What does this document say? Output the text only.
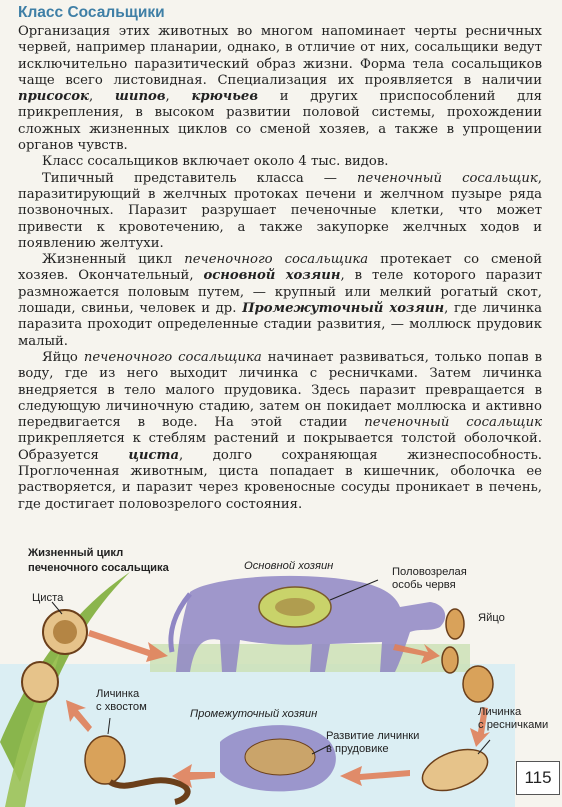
Класс Сосальщики

Организация этих животных во многом напоминает черты ресничных червей, например планарии, однако, в отличие от них, сосальщики ведут исключительно паразитический образ жизни. Форма тела сосальщиков чаще всего листовидная. Специализация их проявляется в наличии присосок, шипов, крючьев и других приспособлений для прикрепления, в высоком развитии половой системы, прохождении сложных жизненных циклов со сменой хозяев, а также в упрощении органов чувств.

Класс сосальщиков включает около 4 тыс. видов.

Типичный представитель класса — печеночный сосальщик, паразитирующий в желчных протоках печени и желчном пузыре ряда позвоночных. Паразит разрушает печеночные клетки, что может привести к кровотечению, а также закупорке желчных ходов и появлению желтухи.

Жизненный цикл печеночного сосальщика протекает со сменой хозяев. Окончательный, основной хозяин, в теле которого паразит размножается половым путем, — крупный или мелкий рогатый скот, лошади, свиньи, человек и др. Промежуточный хозяин, где личинка паразита проходит определенные стадии развития, — моллюск прудовик малый.

Яйцо печеночного сосальщика начинает развиваться, только попав в воду, где из него выходит личинка с ресничками. Затем личинка внедряется в тело малого прудовика. Здесь паразит превращается в следующую личиночную стадию, затем он покидает моллюска и активно передвигается в воде. На этой стадии печеночный сосальщик прикрепляется к стеблям растений и покрывается толстой оболочкой. Образуется циста, долго сохраняющая жизнеспособность. Проглоченная животным, циста попадает в кишечник, оболочка ее растворяется, и паразит через кровеносные сосуды проникает в печень, где достигает половозрелого состояния.

Жизненный цикл
печеночного сосальщика	Основной хозяин	Половозрелая
особь червя
Яйцо
Циста
Личинка
с хвостом
Промежуточный хозяин
Развитие личинки
в прудовике
Личинка
с ресничками
115
